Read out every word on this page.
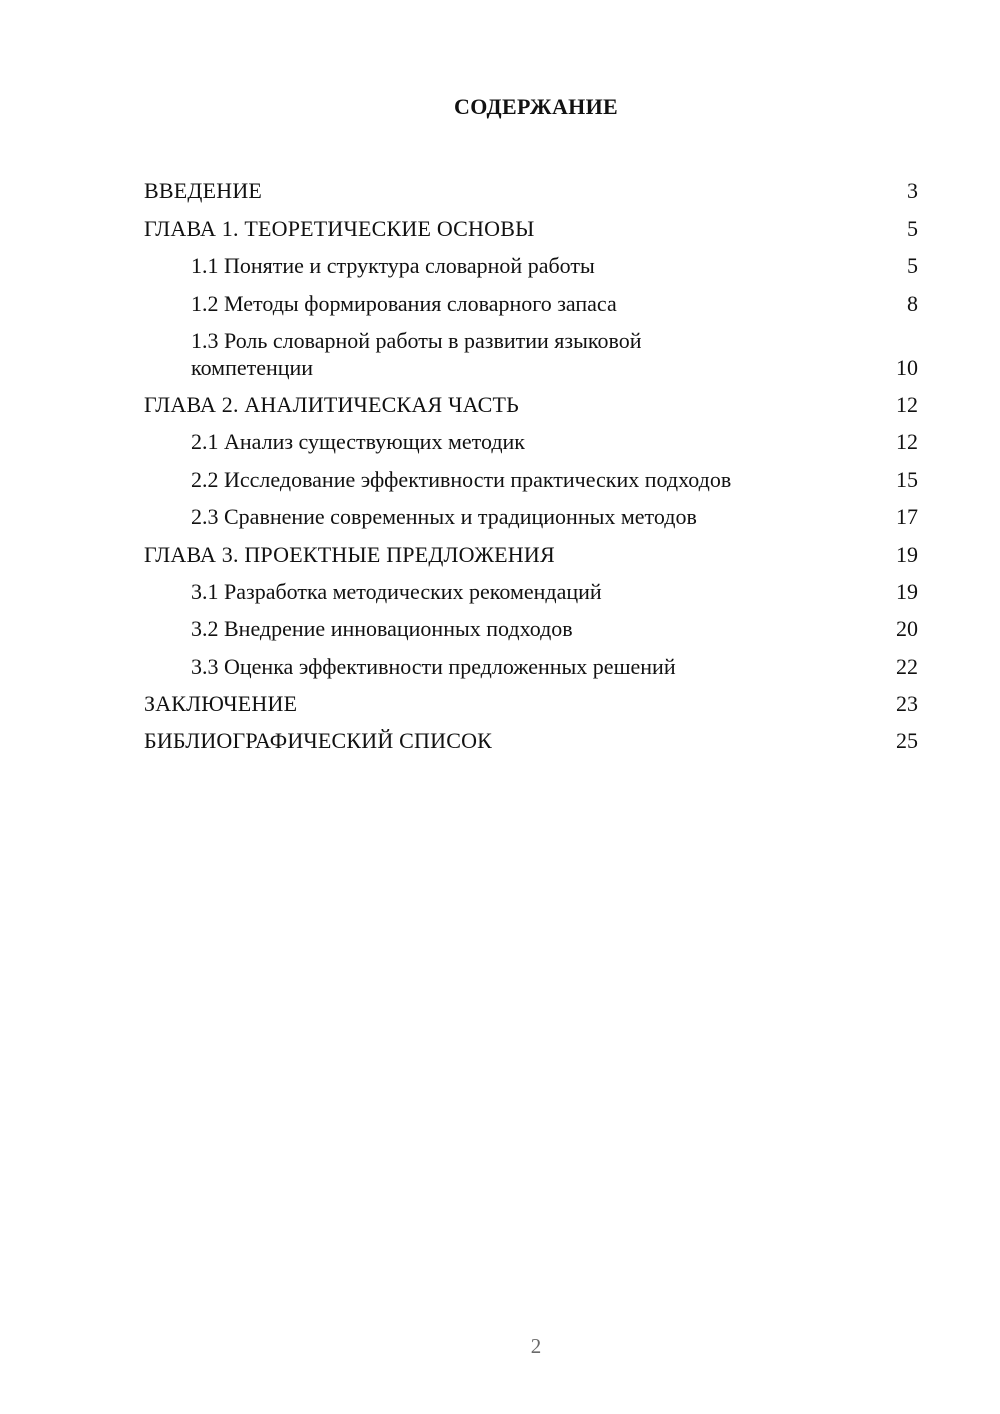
СОДЕРЖАНИЕ
ВВЕДЕНИЕ	3
ГЛАВА 1. ТЕОРЕТИЧЕСКИЕ ОСНОВЫ	5
1.1 Понятие и структура словарной работы	5
1.2 Методы формирования словарного запаса	8
1.3 Роль словарной работы в развитии языковой компетенции	10
ГЛАВА 2. АНАЛИТИЧЕСКАЯ ЧАСТЬ	12
2.1 Анализ существующих методик	12
2.2 Исследование эффективности практических подходов	15
2.3 Сравнение современных и традиционных методов	17
ГЛАВА 3. ПРОЕКТНЫЕ ПРЕДЛОЖЕНИЯ	19
3.1 Разработка методических рекомендаций	19
3.2 Внедрение инновационных подходов	20
3.3 Оценка эффективности предложенных решений	22
ЗАКЛЮЧЕНИЕ	23
БИБЛИОГРАФИЧЕСКИЙ СПИСОК	25
2
